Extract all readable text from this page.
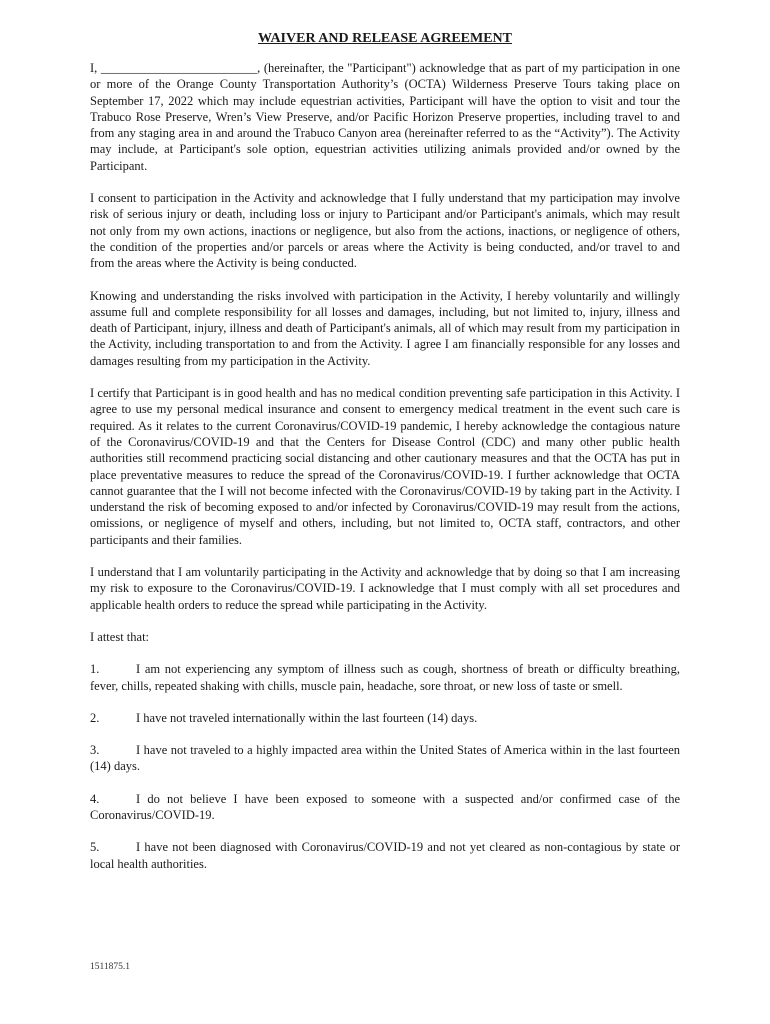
WAIVER AND RELEASE AGREEMENT

I, _________________________, (hereinafter, the "Participant") acknowledge that as part of my participation in one or more of the Orange County Transportation Authority’s (OCTA) Wilderness Preserve Tours taking place on September 17, 2022 which may include equestrian activities, Participant will have the option to visit and tour the Trabuco Rose Preserve, Wren’s View Preserve, and/or Pacific Horizon Preserve properties, including travel to and from any staging area in and around the Trabuco Canyon area (hereinafter referred to as the “Activity”). The Activity may include, at Participant's sole option, equestrian activities utilizing animals provided and/or owned by the Participant.

I consent to participation in the Activity and acknowledge that I fully understand that my participation may involve risk of serious injury or death, including loss or injury to Participant and/or Participant's animals, which may result not only from my own actions, inactions or negligence, but also from the actions, inactions, or negligence of others, the condition of the properties and/or parcels or areas where the Activity is being conducted, and/or travel to and from the areas where the Activity is being conducted.

Knowing and understanding the risks involved with participation in the Activity, I hereby voluntarily and willingly assume full and complete responsibility for all losses and damages, including, but not limited to, injury, illness and death of Participant, injury, illness and death of Participant's animals, all of which may result from my participation in the Activity, including transportation to and from the Activity. I agree I am financially responsible for any losses and damages resulting from my participation in the Activity.

I certify that Participant is in good health and has no medical condition preventing safe participation in this Activity. I agree to use my personal medical insurance and consent to emergency medical treatment in the event such care is required. As it relates to the current Coronavirus/COVID-19 pandemic, I hereby acknowledge the contagious nature of the Coronavirus/COVID-19 and that the Centers for Disease Control (CDC) and many other public health authorities still recommend practicing social distancing and other cautionary measures and that the OCTA has put in place preventative measures to reduce the spread of the Coronavirus/COVID-19. I further acknowledge that OCTA cannot guarantee that the I will not become infected with the Coronavirus/COVID-19 by taking part in the Activity. I understand the risk of becoming exposed to and/or infected by Coronavirus/COVID-19 may result from the actions, omissions, or negligence of myself and others, including, but not limited to, OCTA staff, contractors, and other participants and their families.

I understand that I am voluntarily participating in the Activity and acknowledge that by doing so that I am increasing my risk to exposure to the Coronavirus/COVID-19. I acknowledge that I must comply with all set procedures and applicable health orders to reduce the spread while participating in the Activity.

I attest that:

1.	I am not experiencing any symptom of illness such as cough, shortness of breath or difficulty breathing, fever, chills, repeated shaking with chills, muscle pain, headache, sore throat, or new loss of taste or smell.

2.	I have not traveled internationally within the last fourteen (14) days.

3.	I have not traveled to a highly impacted area within the United States of America within in the last fourteen (14) days.

4.	I do not believe I have been exposed to someone with a suspected and/or confirmed case of the Coronavirus/COVID-19.

5.	I have not been diagnosed with Coronavirus/COVID-19 and not yet cleared as non-contagious by state or local health authorities.

1511875.1
